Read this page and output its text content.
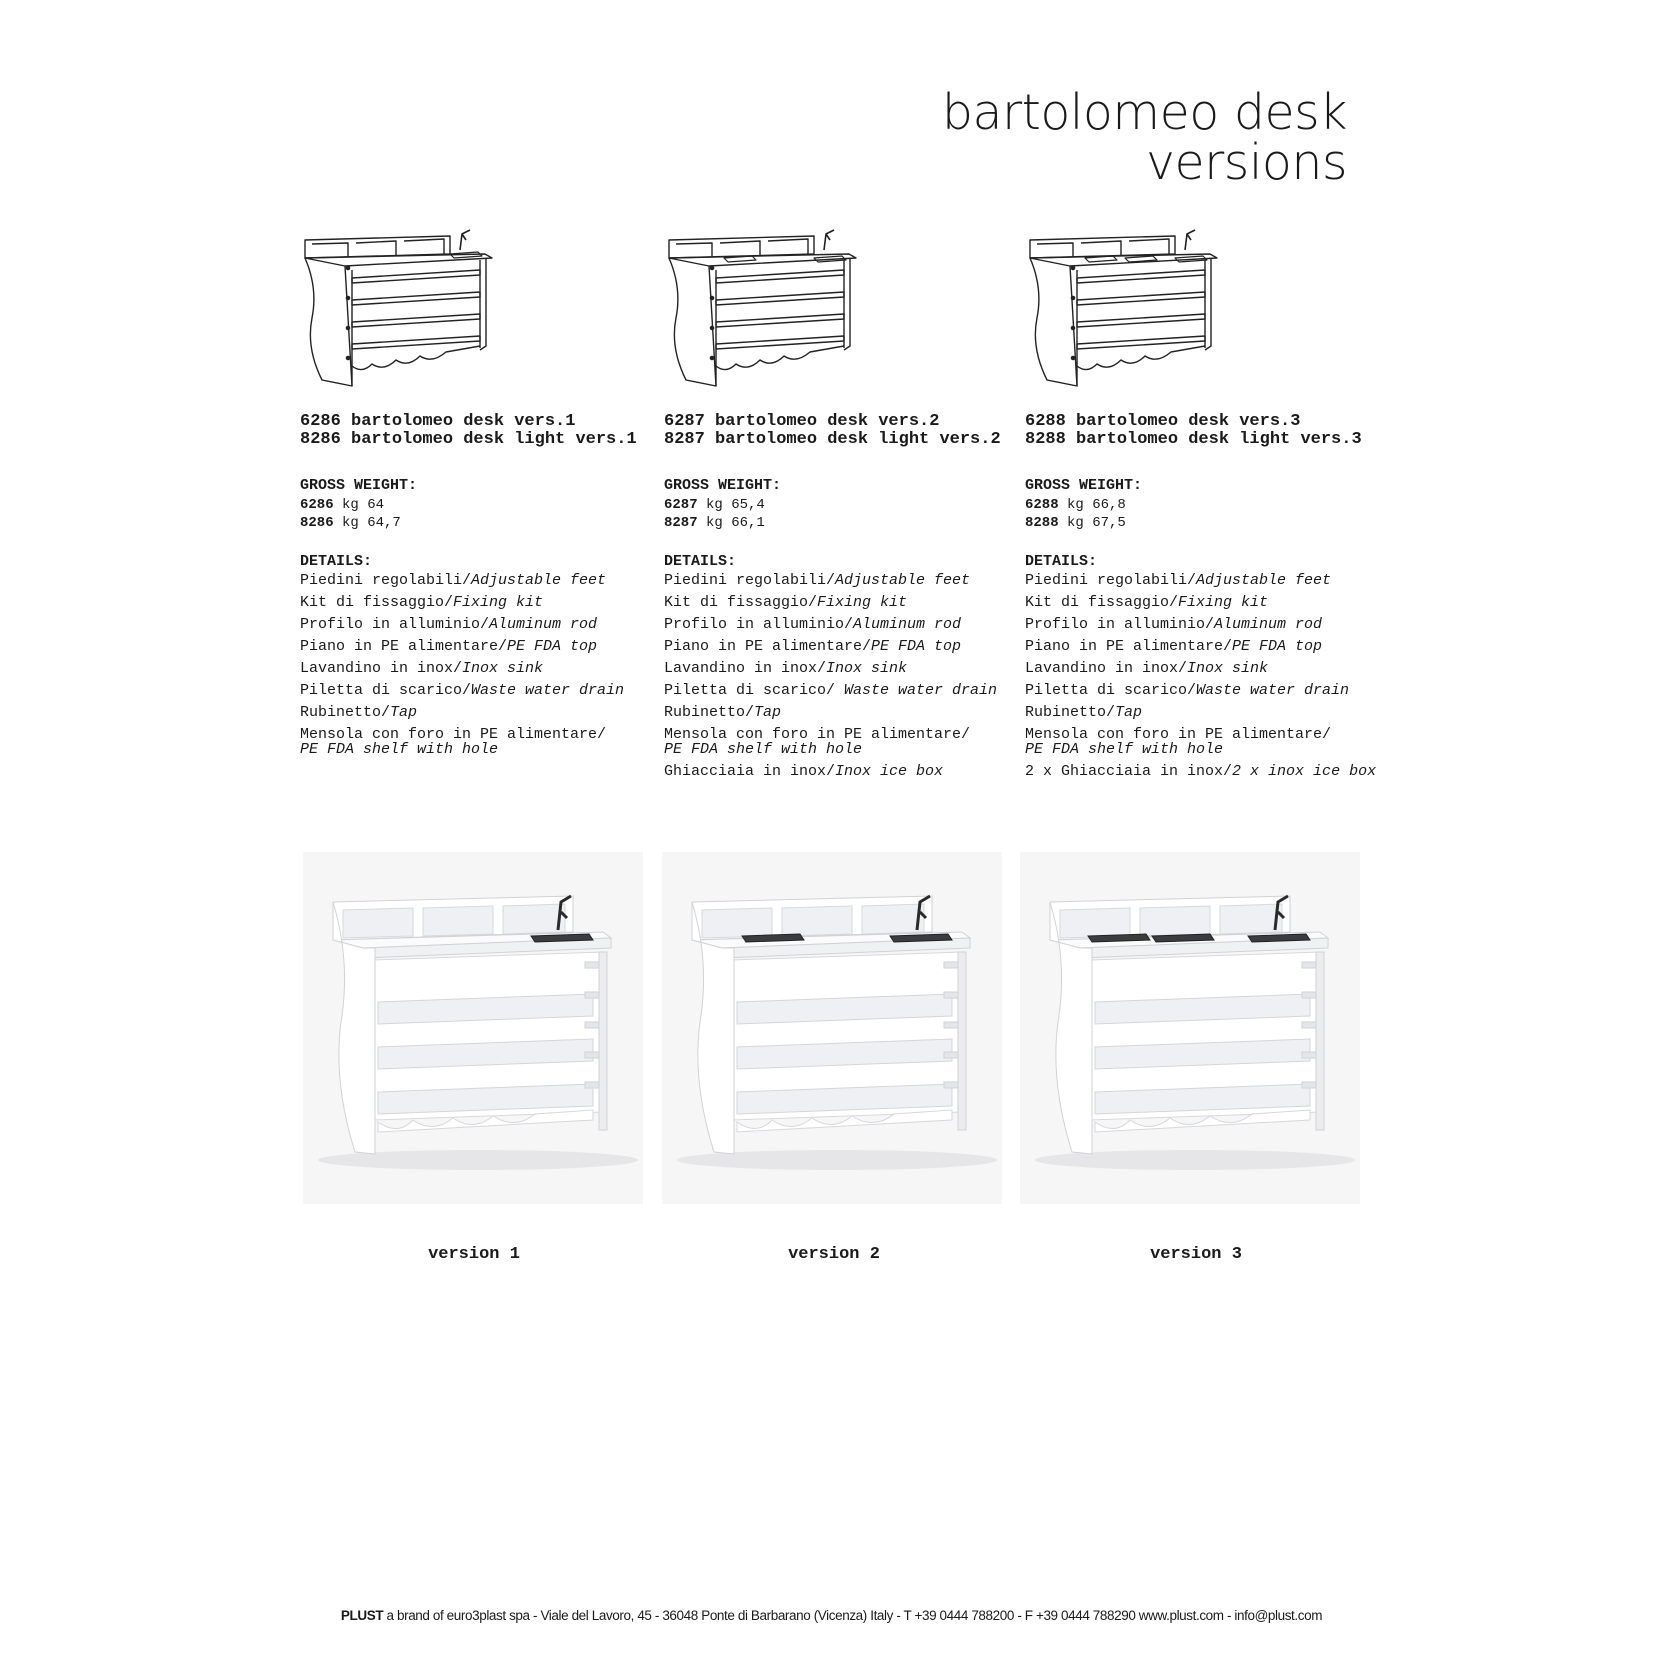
bartolomeo desk
versions
6286 bartolomeo desk vers.1
8286 bartolomeo desk light vers.1
GROSS WEIGHT:
6286 kg 64
8286 kg 64,7
DETAILS:
Piedini regolabili/Adjustable feet
Kit di fissaggio/Fixing kit
Profilo in alluminio/Aluminum rod
Piano in PE alimentare/PE FDA top
Lavandino in inox/Inox sink
Piletta di scarico/Waste water drain
Rubinetto/Tap
Mensola con foro in PE alimentare/
PE FDA shelf with hole
6287 bartolomeo desk vers.2
8287 bartolomeo desk light vers.2
GROSS WEIGHT:
6287 kg 65,4
8287 kg 66,1
DETAILS:
Piedini regolabili/Adjustable feet
Kit di fissaggio/Fixing kit
Profilo in alluminio/Aluminum rod
Piano in PE alimentare/PE FDA top
Lavandino in inox/Inox sink
Piletta di scarico/ Waste water drain
Rubinetto/Tap
Mensola con foro in PE alimentare/
PE FDA shelf with hole
Ghiacciaia in inox/Inox ice box
6288 bartolomeo desk vers.3
8288 bartolomeo desk light vers.3
GROSS WEIGHT:
6288 kg 66,8
8288 kg 67,5
DETAILS:
Piedini regolabili/Adjustable feet
Kit di fissaggio/Fixing kit
Profilo in alluminio/Aluminum rod
Piano in PE alimentare/PE FDA top
Lavandino in inox/Inox sink
Piletta di scarico/Waste water drain
Rubinetto/Tap
Mensola con foro in PE alimentare/
PE FDA shelf with hole
2 x Ghiacciaia in inox/2 x inox ice box
version 1	version 2	version 3
PLUST a brand of euro3plast spa - Viale del Lavoro, 45 - 36048 Ponte di Barbarano (Vicenza) Italy - T +39 0444 788200 - F +39 0444 788290 www.plust.com - info@plust.com
